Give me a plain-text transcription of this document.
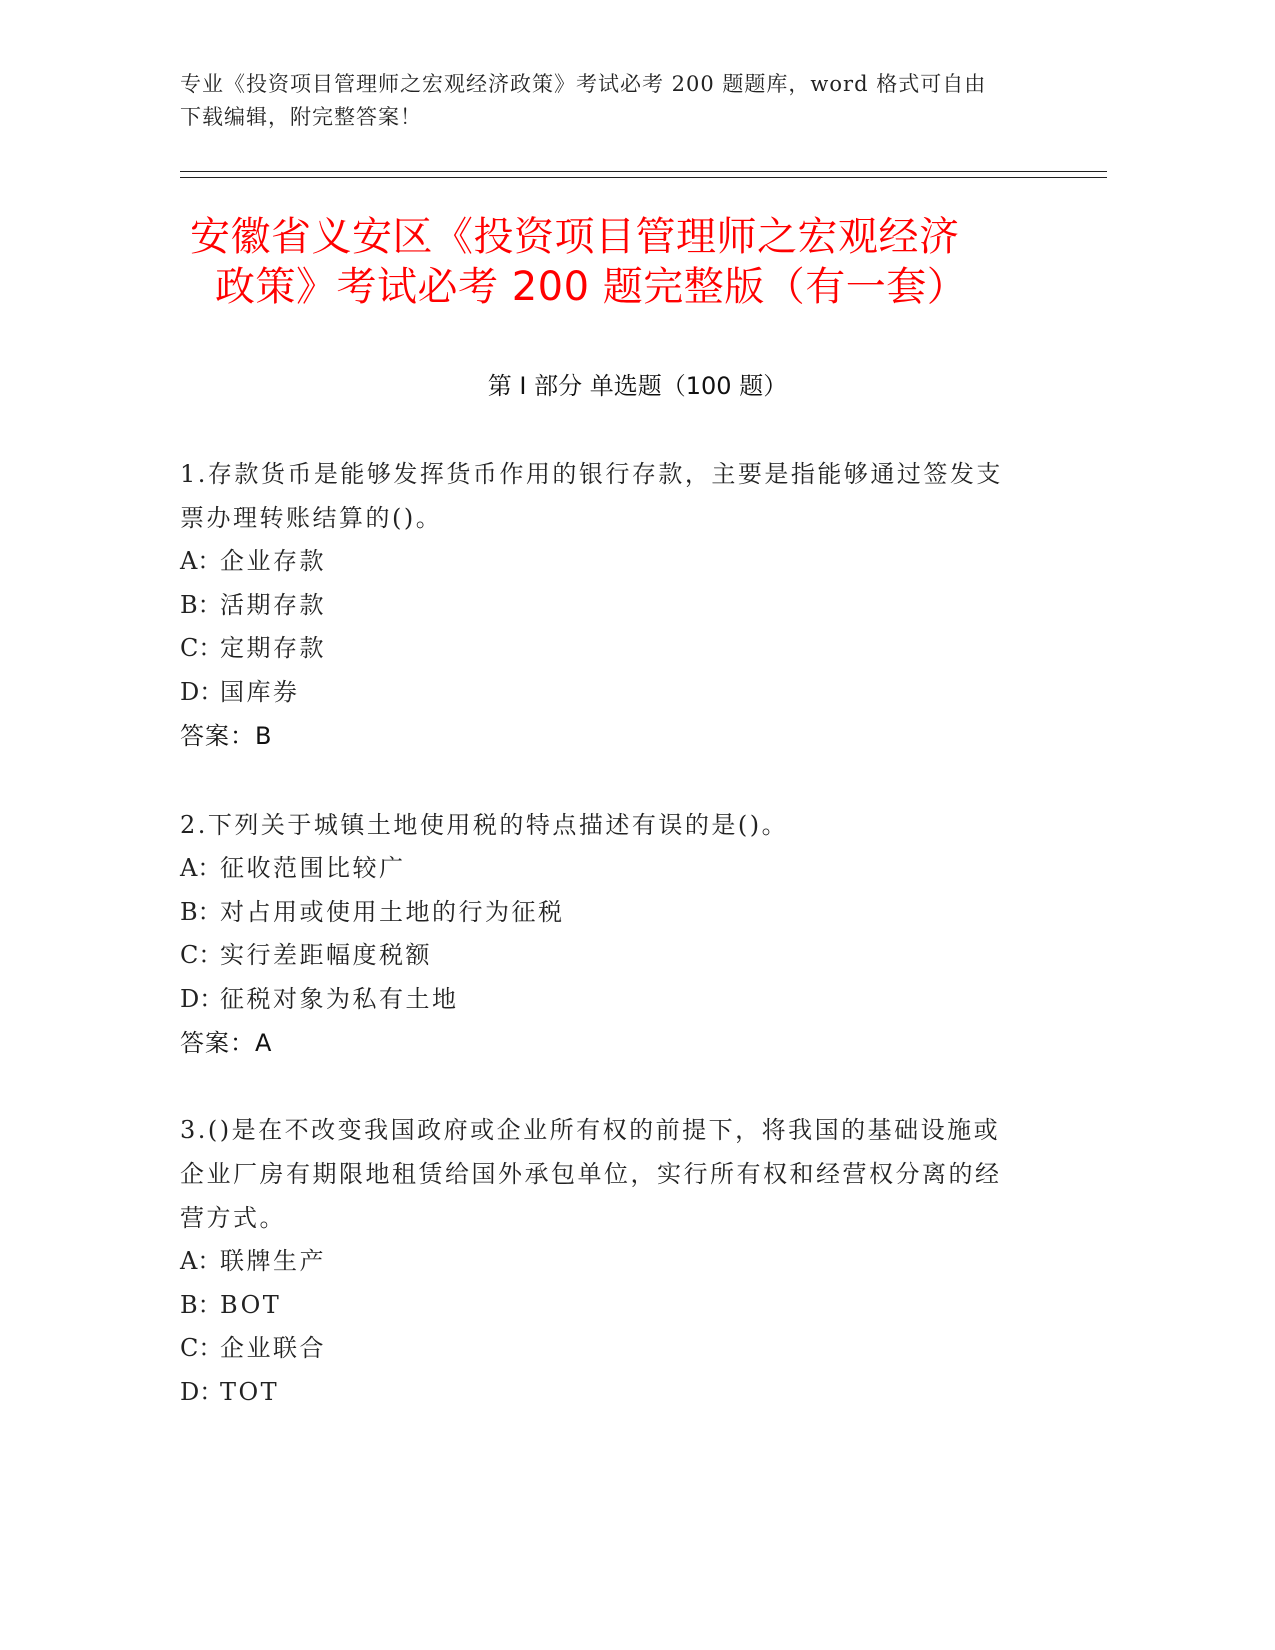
专业《投资项目管理师之宏观经济政策》考试必考 200 题题库，word 格式可自由
下载编辑，附完整答案！
安徽省义安区《投资项目管理师之宏观经济
政策》考试必考 200 题完整版（有一套）
第 I 部分 单选题（100 题）

1.存款货币是能够发挥货币作用的银行存款，主要是指能够通过签发支票办理转账结算的()。

A：企业存款

B：活期存款

C：定期存款

D：国库券

答案：B

2.下列关于城镇土地使用税的特点描述有误的是()。

A：征收范围比较广

B：对占用或使用土地的行为征税

C：实行差距幅度税额

D：征税对象为私有土地

答案：A

3.()是在不改变我国政府或企业所有权的前提下，将我国的基础设施或企业厂房有期限地租赁给国外承包单位，实行所有权和经营权分离的经营方式。

A：联牌生产

B：BOT

C：企业联合

D：TOT
